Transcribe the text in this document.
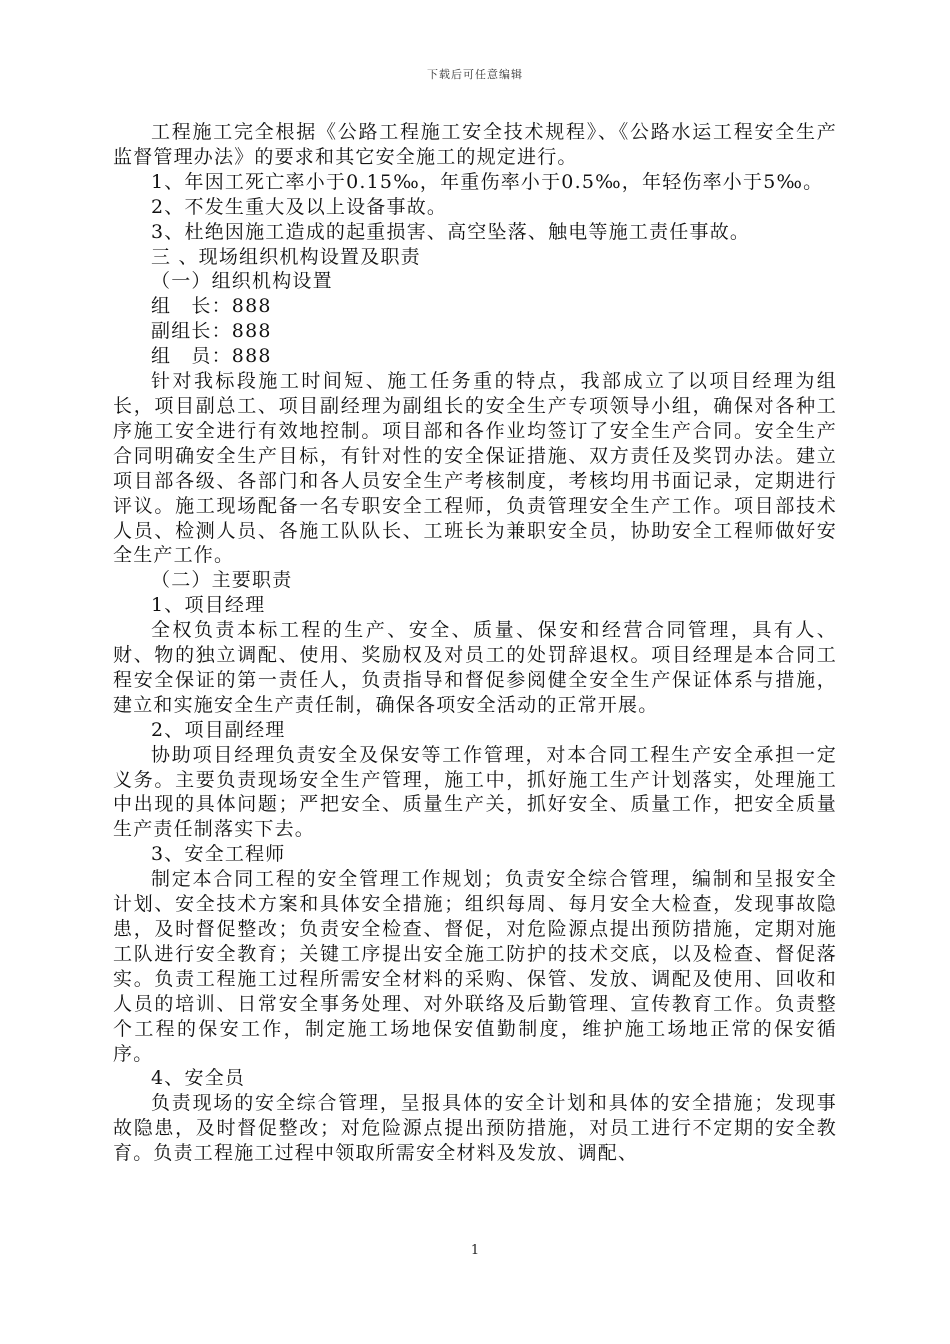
下载后可任意编辑

工程施工完全根据《公路工程施工安全技术规程》、《公路水运工程安全生产监督管理办法》的要求和其它安全施工的规定进行。

1、年因工死亡率小于0.15‰，年重伤率小于0.5‰，年轻伤率小于5‰。

2、不发生重大及以上设备事故。

3、杜绝因施工造成的起重损害、高空坠落、触电等施工责任事故。

三 、现场组织机构设置及职责

（一）组织机构设置

组　长：888

副组长：888

组　员：888

针对我标段施工时间短、施工任务重的特点，我部成立了以项目经理为组长，项目副总工、项目副经理为副组长的安全生产专项领导小组，确保对各种工序施工安全进行有效地控制。项目部和各作业均签订了安全生产合同。安全生产合同明确安全生产目标，有针对性的安全保证措施、双方责任及奖罚办法。建立项目部各级、各部门和各人员安全生产考核制度，考核均用书面记录，定期进行评议。施工现场配备一名专职安全工程师，负责管理安全生产工作。项目部技术人员、检测人员、各施工队队长、工班长为兼职安全员，协助安全工程师做好安全生产工作。

（二）主要职责

1、项目经理

全权负责本标工程的生产、安全、质量、保安和经营合同管理，具有人、财、物的独立调配、使用、奖励权及对员工的处罚辞退权。项目经理是本合同工程安全保证的第一责任人，负责指导和督促参阅健全安全生产保证体系与措施，建立和实施安全生产责任制，确保各项安全活动的正常开展。

2、项目副经理

协助项目经理负责安全及保安等工作管理，对本合同工程生产安全承担一定义务。主要负责现场安全生产管理，施工中，抓好施工生产计划落实，处理施工中出现的具体问题；严把安全、质量生产关，抓好安全、质量工作，把安全质量生产责任制落实下去。

3、安全工程师

制定本合同工程的安全管理工作规划；负责安全综合管理，编制和呈报安全计划、安全技术方案和具体安全措施；组织每周、每月安全大检查，发现事故隐患，及时督促整改；负责安全检查、督促，对危险源点提出预防措施，定期对施工队进行安全教育；关键工序提出安全施工防护的技术交底，以及检查、督促落实。负责工程施工过程所需安全材料的采购、保管、发放、调配及使用、回收和人员的培训、日常安全事务处理、对外联络及后勤管理、宣传教育工作。负责整个工程的保安工作，制定施工场地保安值勤制度，维护施工场地正常的保安循序。

4、安全员

负责现场的安全综合管理，呈报具体的安全计划和具体的安全措施；发现事故隐患，及时督促整改；对危险源点提出预防措施，对员工进行不定期的安全教育。负责工程施工过程中领取所需安全材料及发放、调配、

1
